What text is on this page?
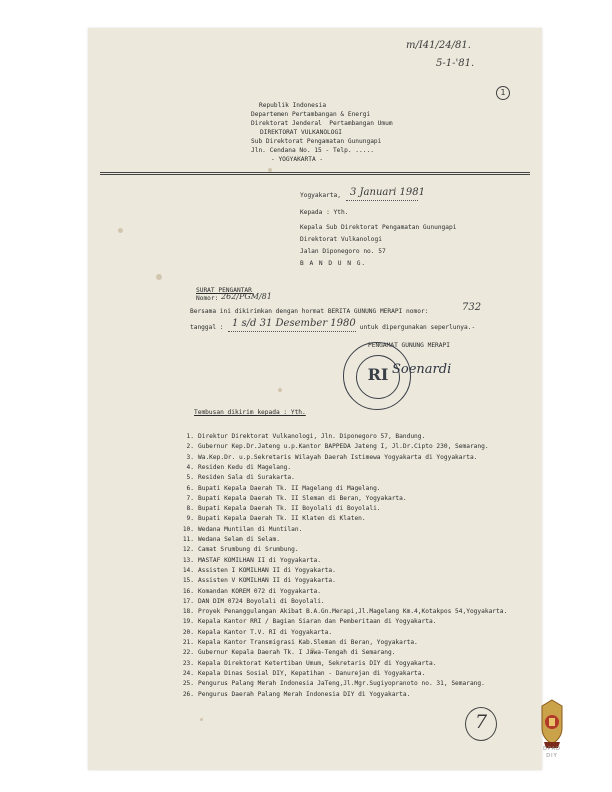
m/I41/24/81.
5-1-'81.
1
Republik Indonesia
Departemen Pertambangan & Energi
Direktorat Jenderal  Pertambangan Umum
DIREKTORAT VULKANOLOGI
Sub Direktorat Pengamatan Gunungapi
Jln. Cendana No. 15 - Telp. .....
- YOGYAKARTA -
Yogyakarta, 3 Januari 1981
Kepada : Yth.
Kepala Sub Direktorat Pengamatan Gunungapi
Direktorat Vulkanologi
Jalan Diponegoro no. 57
B A N D U N G.
SURAT PENGANTAR
Nomor: 262/PGM/81
Bersama ini dikirimkan dengan hormat BERITA GUNUNG MERAPI nomor:	732
tanggal : 1 s/d 31 Desember 1980 untuk dipergunakan seperlunya.-
PENGAMAT GUNUNG MERAPI
RI Soenardi
Tembusan dikirim kepada : Yth.
1. Direktur Direktorat Vulkanologi, Jln. Diponegoro 57, Bandung.
2. Gubernur Kep.Dr.Jateng u.p.Kantor BAPPEDA Jateng I, Jl.Dr.Cipto 230, Semarang.
3. Wa.Kep.Dr. u.p.Sekretaris Wilayah Daerah Istimewa Yogyakarta di Yogyakarta.
4. Residen Kedu di Magelang.
5. Residen Sala di Surakarta.
6. Bupati Kepala Daerah Tk. II Magelang di Magelang.
7. Bupati Kepala Daerah Tk. II Sleman di Beran, Yogyakarta.
8. Bupati Kepala Daerah Tk. II Boyolali di Boyolali.
9. Bupati Kepala Daerah Tk. II Klaten di Klaten.
10. Wedana Muntilan di Muntilan.
11. Wedana Selam di Selam.
12. Camat Srumbung di Srumbung.
13. MASTAF KOMILHAN II di Yogyakarta.
14. Assisten I KOMILHAN II di Yogyakarta.
15. Assisten V KOMILHAN II di Yogyakarta.
16. Komandan KOREM 072 di Yogyakarta.
17. DAN DIM 0724 Boyolali di Boyolali.
18. Proyek Penanggulangan Akibat B.A.Gn.Merapi,Jl.Magelang Km.4,Kotakpos 54,Yogyakarta.
19. Kepala Kantor RRI / Bagian Siaran dan Pemberitaan di Yogyakarta.
20. Kepala Kantor T.V. RI di Yogyakarta.
21. Kepala Kantor Transmigrasi Kab.Sleman di Beran, Yogyakarta.
22. Gubernur Kepala Daerah Tk. I Jawa-Tengah di Semarang.
23. Kepala Direktorat Ketertiban Umum, Sekretaris DIY di Yogyakarta.
24. Kepala Dinas Sosial DIY, Kepatihan - Danurejan di Yogyakarta.
25. Pengurus Palang Merah Indonesia JaTeng,Jl.Mgr.Sugiyopranoto no. 31, Semarang.
26. Pengurus Daerah Palang Merah Indonesia DIY di Yogyakarta.
7
DPAD
DIY
